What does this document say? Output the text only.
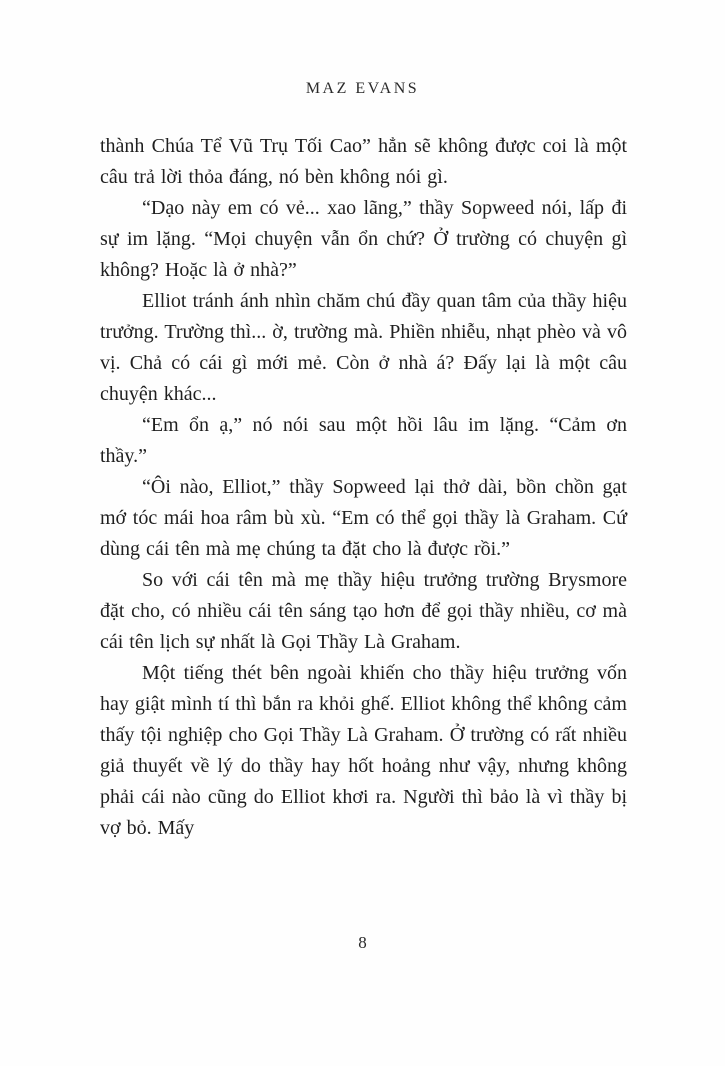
MAZ EVANS

thành Chúa Tể Vũ Trụ Tối Cao” hẳn sẽ không được coi là một câu trả lời thỏa đáng, nó bèn không nói gì.

“Dạo này em có vẻ... xao lãng,” thầy Sopweed nói, lấp đi sự im lặng. “Mọi chuyện vẫn ổn chứ? Ở trường có chuyện gì không? Hoặc là ở nhà?”

Elliot tránh ánh nhìn chăm chú đầy quan tâm của thầy hiệu trưởng. Trường thì... ờ, trường mà. Phiền nhiễu, nhạt phèo và vô vị. Chả có cái gì mới mẻ. Còn ở nhà á? Đấy lại là một câu chuyện khác...

“Em ổn ạ,” nó nói sau một hồi lâu im lặng. “Cảm ơn thầy.”

“Ôi nào, Elliot,” thầy Sopweed lại thở dài, bồn chồn gạt mớ tóc mái hoa râm bù xù. “Em có thể gọi thầy là Graham. Cứ dùng cái tên mà mẹ chúng ta đặt cho là được rồi.”

So với cái tên mà mẹ thầy hiệu trưởng trường Brysmore đặt cho, có nhiều cái tên sáng tạo hơn để gọi thầy nhiều, cơ mà cái tên lịch sự nhất là Gọi Thầy Là Graham.

Một tiếng thét bên ngoài khiến cho thầy hiệu trưởng vốn hay giật mình tí thì bắn ra khỏi ghế. Elliot không thể không cảm thấy tội nghiệp cho Gọi Thầy Là Graham. Ở trường có rất nhiều giả thuyết về lý do thầy hay hốt hoảng như vậy, nhưng không phải cái nào cũng do Elliot khơi ra. Người thì bảo là vì thầy bị vợ bỏ. Mấy

8
